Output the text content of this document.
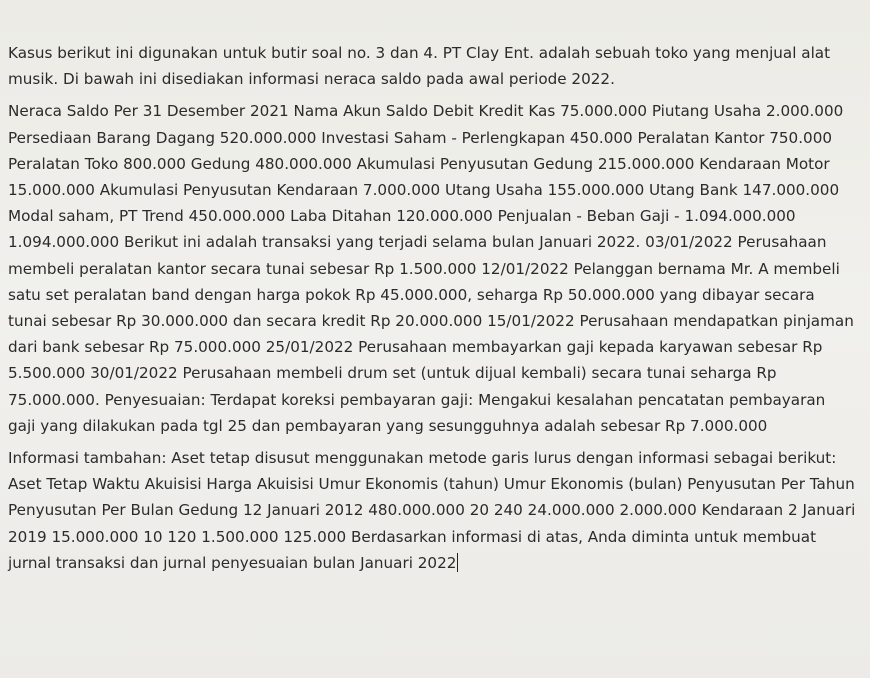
Kasus berikut ini digunakan untuk butir soal no. 3 dan 4. PT Clay Ent. adalah sebuah toko yang menjual alat musik. Di bawah ini disediakan informasi neraca saldo pada awal periode 2022.

Neraca Saldo Per 31 Desember 2021 Nama Akun Saldo Debit Kredit Kas 75.000.000 Piutang Usaha 2.000.000 Persediaan Barang Dagang 520.000.000 Investasi Saham - Perlengkapan 450.000 Peralatan Kantor 750.000 Peralatan Toko 800.000 Gedung 480.000.000 Akumulasi Penyusutan Gedung 215.000.000 Kendaraan Motor 15.000.000 Akumulasi Penyusutan Kendaraan 7.000.000 Utang Usaha 155.000.000 Utang Bank 147.000.000 Modal saham, PT Trend 450.000.000 Laba Ditahan 120.000.000 Penjualan - Beban Gaji - 1.094.000.000 1.094.000.000 Berikut ini adalah transaksi yang terjadi selama bulan Januari 2022. 03/01/2022 Perusahaan membeli peralatan kantor secara tunai sebesar Rp 1.500.000 12/01/2022 Pelanggan bernama Mr. A membeli satu set peralatan band dengan harga pokok Rp 45.000.000, seharga Rp 50.000.000 yang dibayar secara tunai sebesar Rp 30.000.000 dan secara kredit Rp 20.000.000 15/01/2022 Perusahaan mendapatkan pinjaman dari bank sebesar Rp 75.000.000 25/01/2022 Perusahaan membayarkan gaji kepada karyawan sebesar Rp 5.500.000 30/01/2022 Perusahaan membeli drum set (untuk dijual kembali) secara tunai seharga Rp 75.000.000. Penyesuaian: Terdapat koreksi pembayaran gaji: Mengakui kesalahan pencatatan pembayaran gaji yang dilakukan pada tgl 25 dan pembayaran yang sesungguhnya adalah sebesar Rp 7.000.000

Informasi tambahan: Aset tetap disusut menggunakan metode garis lurus dengan informasi sebagai berikut: Aset Tetap Waktu Akuisisi Harga Akuisisi Umur Ekonomis (tahun) Umur Ekonomis (bulan) Penyusutan Per Tahun Penyusutan Per Bulan Gedung 12 Januari 2012 480.000.000 20 240 24.000.000 2.000.000 Kendaraan 2 Januari 2019 15.000.000 10 120 1.500.000 125.000 Berdasarkan informasi di atas, Anda diminta untuk membuat jurnal transaksi dan jurnal penyesuaian bulan Januari 2022
